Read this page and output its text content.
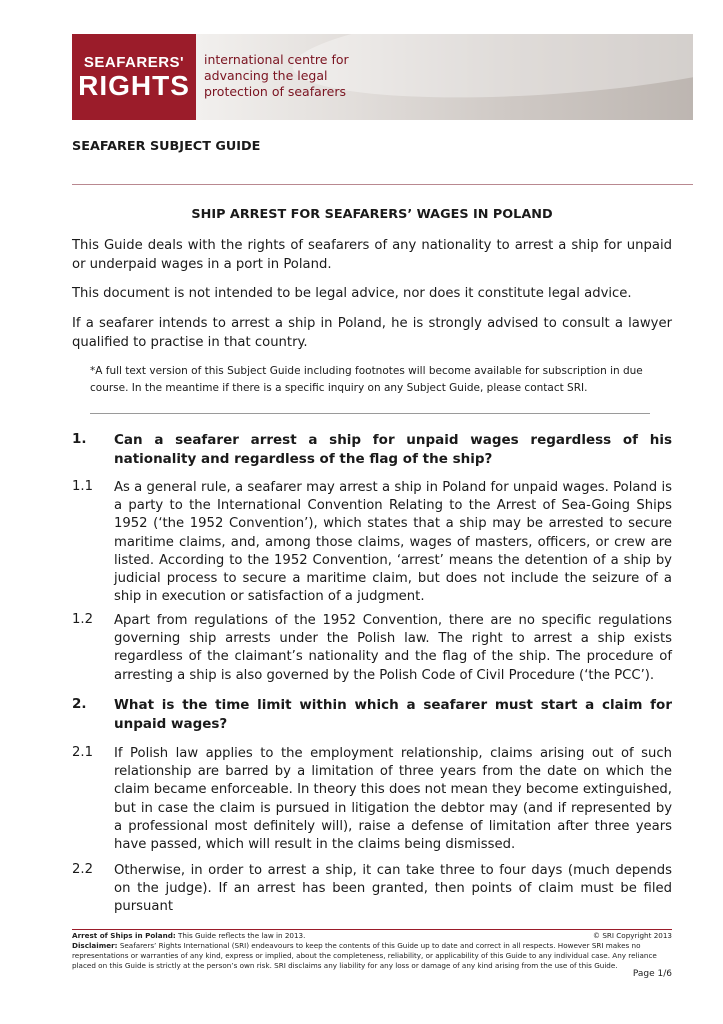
SEAFARERS'
RIGHTS
international centre for
advancing the legal
protection of seafarers
SEAFARER SUBJECT GUIDE
SHIP ARREST FOR SEAFARERS’ WAGES IN POLAND
This Guide deals with the rights of seafarers of any nationality to arrest a ship for unpaid or underpaid wages in a port in Poland.
This document is not intended to be legal advice, nor does it constitute legal advice.
If a seafarer intends to arrest a ship in Poland, he is strongly advised to consult a lawyer qualified to practise in that country.
*A full text version of this Subject Guide including footnotes will become available for subscription in due course. In the meantime if there is a specific inquiry on any Subject Guide, please contact SRI.
1. Can a seafarer arrest a ship for unpaid wages regardless of his nationality and regardless of the flag of the ship?
1.1 As a general rule, a seafarer may arrest a ship in Poland for unpaid wages. Poland is a party to the International Convention Relating to the Arrest of Sea-Going Ships 1952 (‘the 1952 Convention’), which states that a ship may be arrested to secure maritime claims, and, among those claims, wages of masters, officers, or crew are listed. According to the 1952 Convention, ‘arrest’ means the detention of a ship by judicial process to secure a maritime claim, but does not include the seizure of a ship in execution or satisfaction of a judgment.
1.2 Apart from regulations of the 1952 Convention, there are no specific regulations governing ship arrests under the Polish law. The right to arrest a ship exists regardless of the claimant’s nationality and the flag of the ship. The procedure of arresting a ship is also governed by the Polish Code of Civil Procedure (‘the PCC’).
2. What is the time limit within which a seafarer must start a claim for unpaid wages?
2.1 If Polish law applies to the employment relationship, claims arising out of such relationship are barred by a limitation of three years from the date on which the claim became enforceable. In theory this does not mean they become extinguished, but in case the claim is pursued in litigation the debtor may (and if represented by a professional most definitely will), raise a defense of limitation after three years have passed, which will result in the claims being dismissed.
2.2 Otherwise, in order to arrest a ship, it can take three to four days (much depends on the judge). If an arrest has been granted, then points of claim must be filed pursuant
Arrest of Ships in Poland: This Guide reflects the law in 2013.	© SRI Copyright 2013
Disclaimer: Seafarers’ Rights International (SRI) endeavours to keep the contents of this Guide up to date and correct in all respects. However SRI makes no representations or warranties of any kind, express or implied, about the completeness, reliability, or applicability of this Guide to any individual case. Any reliance placed on this Guide is strictly at the person’s own risk. SRI disclaims any liability for any loss or damage of any kind arising from the use of this Guide.
Page 1/6
